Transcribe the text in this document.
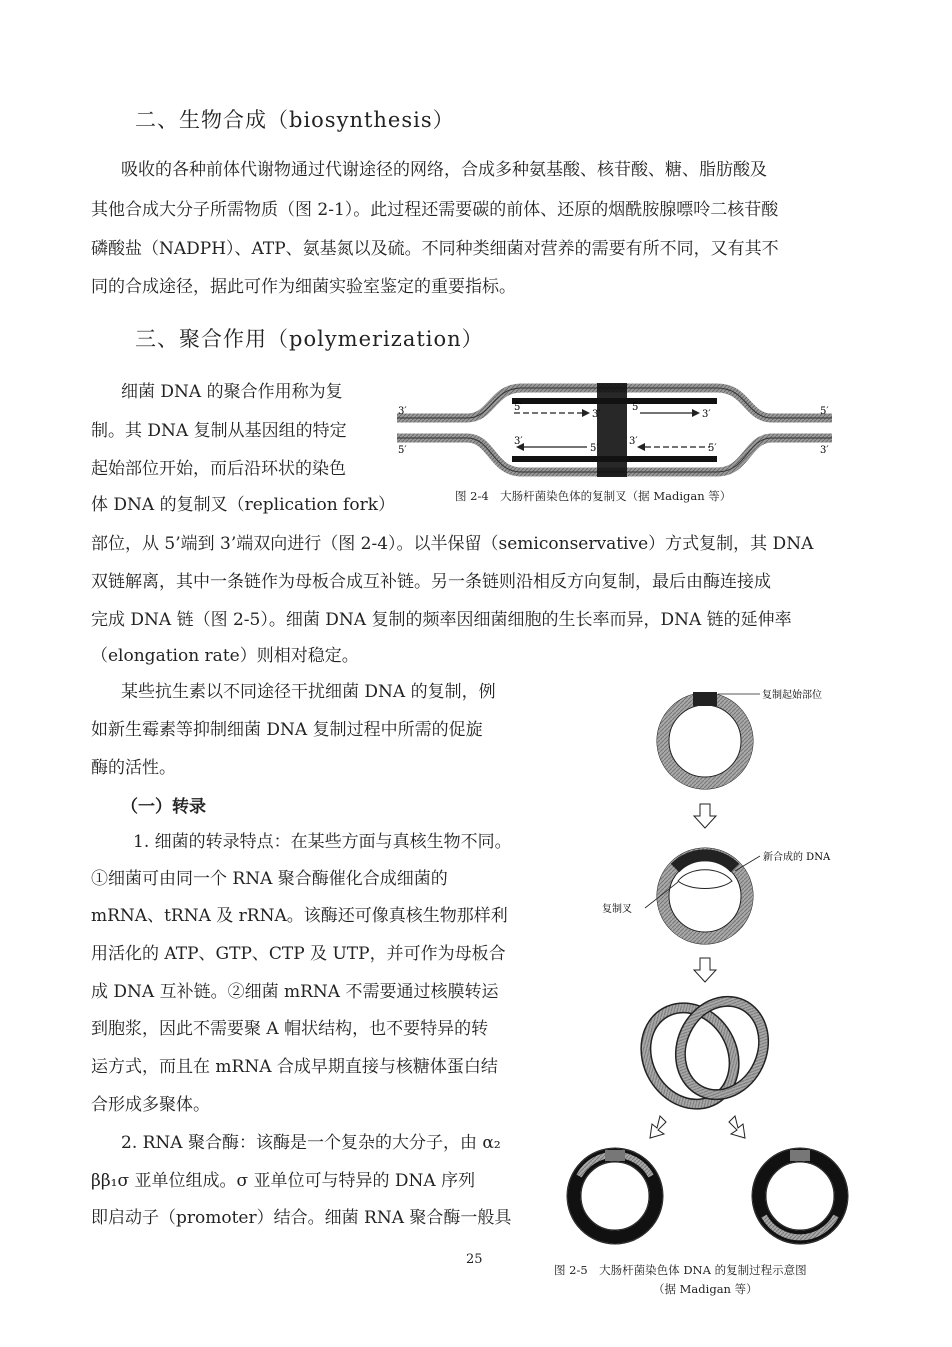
二、生物合成（biosynthesis）
吸收的各种前体代谢物通过代谢途径的网络，合成多种氨基酸、核苷酸、糖、脂肪酸及
其他合成大分子所需物质（图 2-1）。此过程还需要碳的前体、还原的烟酰胺腺嘌呤二核苷酸
磷酸盐（NADPH）、ATP、氨基氮以及硫。不同种类细菌对营养的需要有所不同，又有其不
同的合成途径，据此可作为细菌实验室鉴定的重要指标。
三、聚合作用（polymerization）
细菌 DNA 的聚合作用称为复
制。其 DNA 复制从基因组的特定
起始部位开始，而后沿环状的染色
体 DNA 的复制叉（replication fork）
部位，从 5’端到 3’端双向进行（图 2-4）。以半保留（semiconservative）方式复制，其 DNA
双链解离，其中一条链作为母板合成互补链。另一条链则沿相反方向复制，最后由酶连接成
完成 DNA 链（图 2-5）。细菌 DNA 复制的频率因细菌细胞的生长率而异，DNA 链的延伸率
（elongation rate）则相对稳定。
某些抗生素以不同途径干扰细菌 DNA 的复制，例
如新生霉素等抑制细菌 DNA 复制过程中所需的促旋
酶的活性。
（一）转录
1. 细菌的转录特点：在某些方面与真核生物不同。
①细菌可由同一个 RNA 聚合酶催化合成细菌的
mRNA、tRNA 及 rRNA。该酶还可像真核生物那样利
用活化的 ATP、GTP、CTP 及 UTP，并可作为母板合
成 DNA 互补链。②细菌 mRNA 不需要通过核膜转运
到胞浆，因此不需要聚 A 帽状结构，也不要特异的转
运方式，而且在 mRNA 合成早期直接与核糖体蛋白结
合形成多聚体。
2. RNA 聚合酶：该酶是一个复杂的大分子，由 α₂
ββ₁σ 亚单位组成。σ 亚单位可与特异的 DNA 序列
即启动子（promoter）结合。细菌 RNA 聚合酶一般具
3′
5′
5′
3′
5′
3′
3′
5′
3′
5′
5′
3′
图 2-4　大肠杆菌染色体的复制叉（据 Madigan 等）
复制起始部位
新合成的 DNA
复制叉
图 2-5　大肠杆菌染色体 DNA 的复制过程示意图
（据 Madigan 等）
25
